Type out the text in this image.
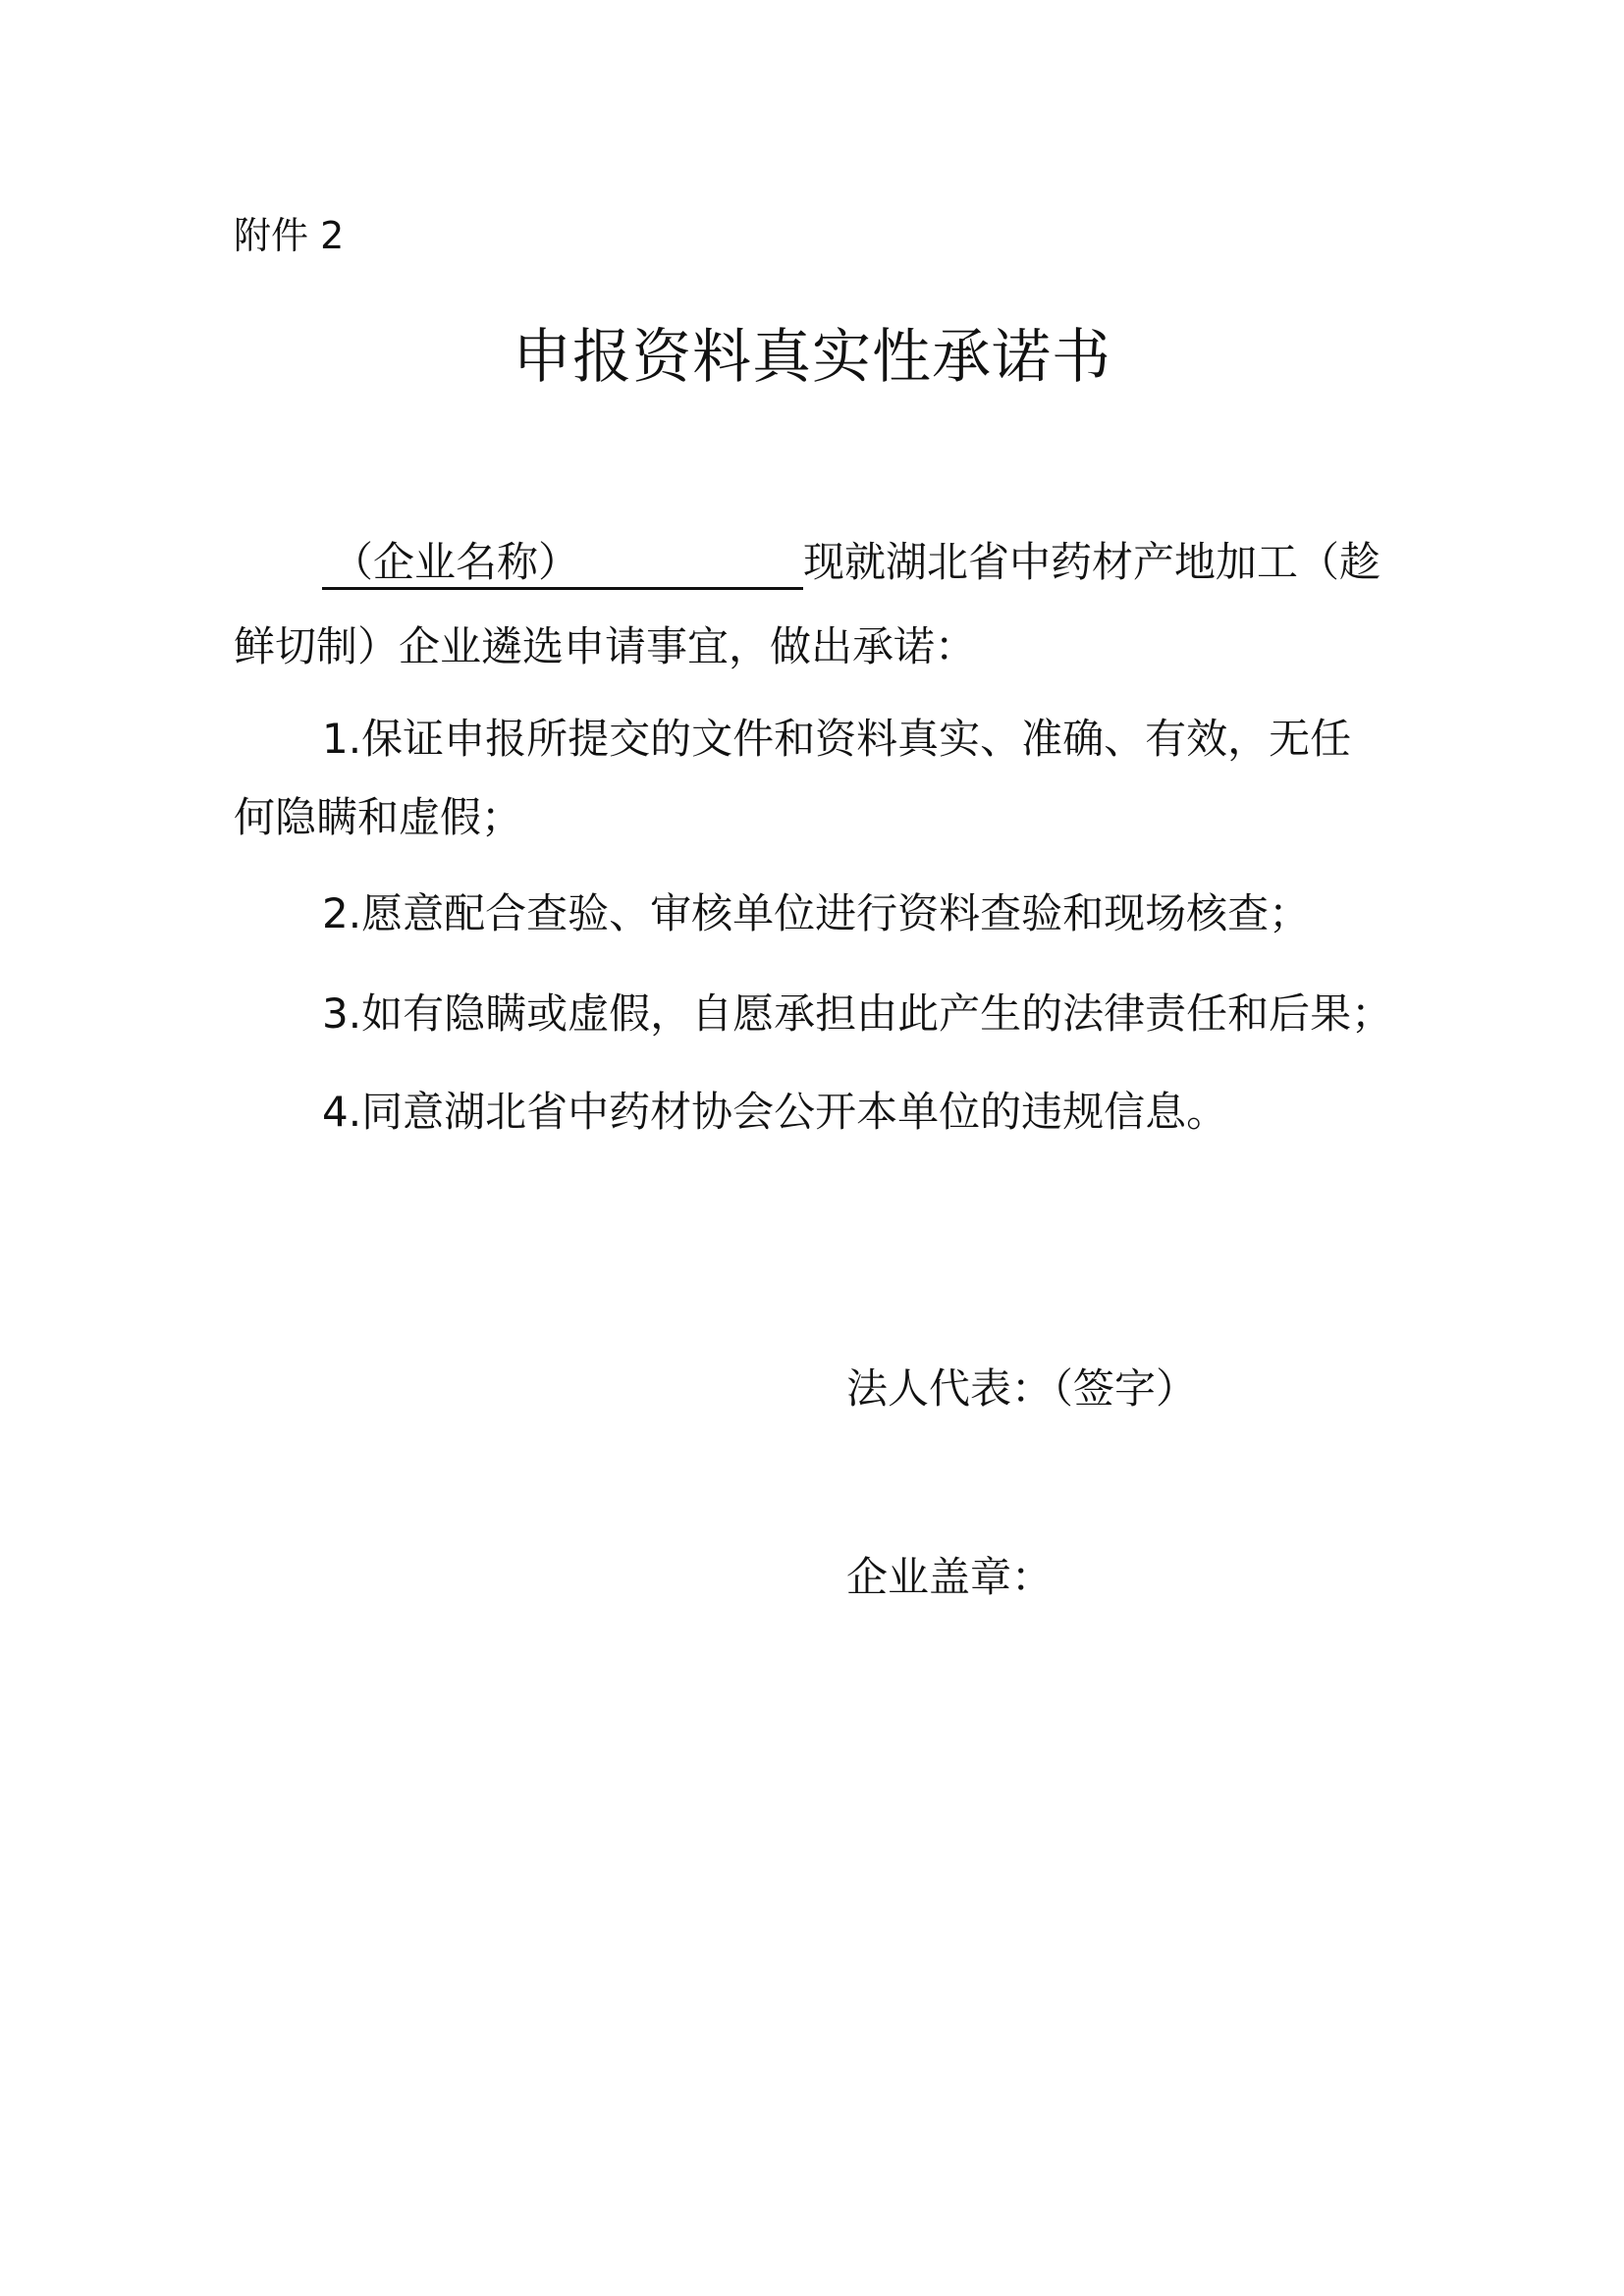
附件 2
申报资料真实性承诺书
（企业名称）	现就湖北省中药材产地加工（趁
鲜切制）企业遴选申请事宜，做出承诺：
1.保证申报所提交的文件和资料真实、准确、有效，无任
何隐瞒和虚假；
2.愿意配合查验、审核单位进行资料查验和现场核查；
3.如有隐瞒或虚假，自愿承担由此产生的法律责任和后果；
4.同意湖北省中药材协会公开本单位的违规信息。
法人代表：（签字）
企业盖章：
